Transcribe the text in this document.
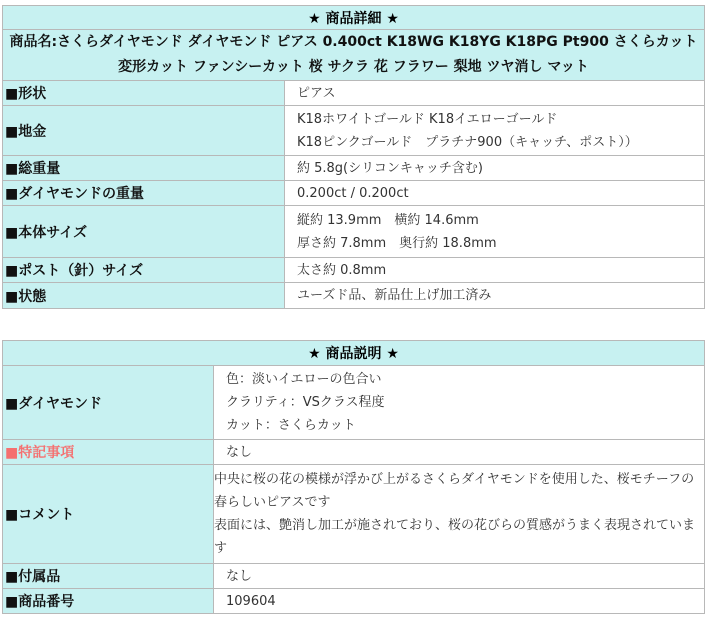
★ 商品詳細 ★	
商品名:さくらダイヤモンド ダイヤモンド ピアス 0.400ct K18WG K18YG K18PG Pt900 さくらカット 変形カット ファンシーカット 桜 サクラ 花 フラワー 梨地 ツヤ消し マット	
■形状	ピアス

■地金	K18ホワイトゴールド K18イエローゴールド
K18ピンクゴールド　プラチナ900（キャッチ、ポスト））

■総重量	約 5.8g(シリコンキャッチ含む)

■ダイヤモンドの重量	0.200ct / 0.200ct

■本体サイズ	縦約 13.9mm　横約 14.6mm
厚さ約 7.8mm　奥行約 18.8mm

■ポスト（針）サイズ	太さ約 0.8mm

■状態	ユーズド品、新品仕上げ加工済み
★ 商品説明 ★	
■ダイヤモンド	色：淡いイエローの色合い
クラリティ：VSクラス程度
カット：さくらカット

■特記事項	なし

■コメント	中央に桜の花の模様が浮かび上がるさくらダイヤモンドを使用した、桜モチーフの春らしいピアスです
表面には、艶消し加工が施されており、桜の花びらの質感がうまく表現されています

■付属品	なし

■商品番号	109604
